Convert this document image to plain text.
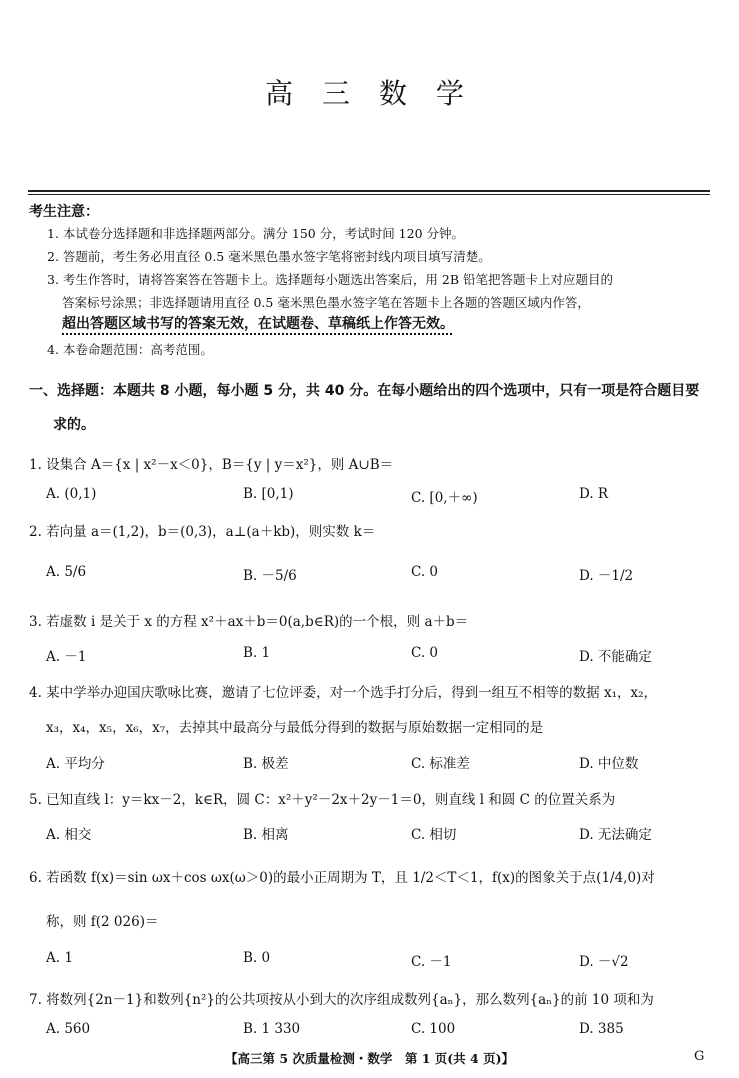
高 三 数 学
考生注意：
1. 本试卷分选择题和非选择题两部分。满分 150 分，考试时间 120 分钟。
2. 答题前，考生务必用直径 0.5 毫米黑色墨水签字笔将密封线内项目填写清楚。
3. 考生作答时，请将答案答在答题卡上。选择题每小题选出答案后，用 2B 铅笔把答题卡上对应题目的
答案标号涂黑；非选择题请用直径 0.5 毫米黑色墨水签字笔在答题卡上各题的答题区域内作答，
超出答题区域书写的答案无效，在试题卷、草稿纸上作答无效。
4. 本卷命题范围：高考范围。
一、选择题：本题共 8 小题，每小题 5 分，共 40 分。在每小题给出的四个选项中，只有一项是符合题目要
求的。
1. 设集合 A＝{x | x²－x＜0}，B＝{y | y＝x²}，则 A∪B＝
A. (0,1)	B. [0,1)	C. [0,＋∞)	D. R
2. 若向量 a＝(1,2)，b＝(0,3)，a⊥(a＋kb)，则实数 k＝
A. 5/6	B. －5/6	C. 0	D. －1/2
3. 若虚数 i 是关于 x 的方程 x²＋ax＋b＝0(a,b∈R)的一个根，则 a＋b＝
A. －1	B. 1	C. 0	D. 不能确定
4. 某中学举办迎国庆歌咏比赛，邀请了七位评委，对一个选手打分后，得到一组互不相等的数据 x₁，x₂，
x₃，x₄，x₅，x₆，x₇，去掉其中最高分与最低分得到的数据与原始数据一定相同的是
A. 平均分	B. 极差	C. 标准差	D. 中位数
5. 已知直线 l：y＝kx－2，k∈R，圆 C：x²＋y²－2x＋2y－1＝0，则直线 l 和圆 C 的位置关系为
A. 相交	B. 相离	C. 相切	D. 无法确定
6. 若函数 f(x)＝sin ωx＋cos ωx(ω＞0)的最小正周期为 T，且 1/2＜T＜1，f(x)的图象关于点(1/4,0)对
称，则 f(2 026)＝
A. 1	B. 0	C. －1	D. －√2
7. 将数列{2n－1}和数列{n²}的公共项按从小到大的次序组成数列{aₙ}，那么数列{aₙ}的前 10 项和为
A. 560	B. 1 330	C. 100	D. 385
【高三第 5 次质量检测・数学　第 1 页(共 4 页)】	G
